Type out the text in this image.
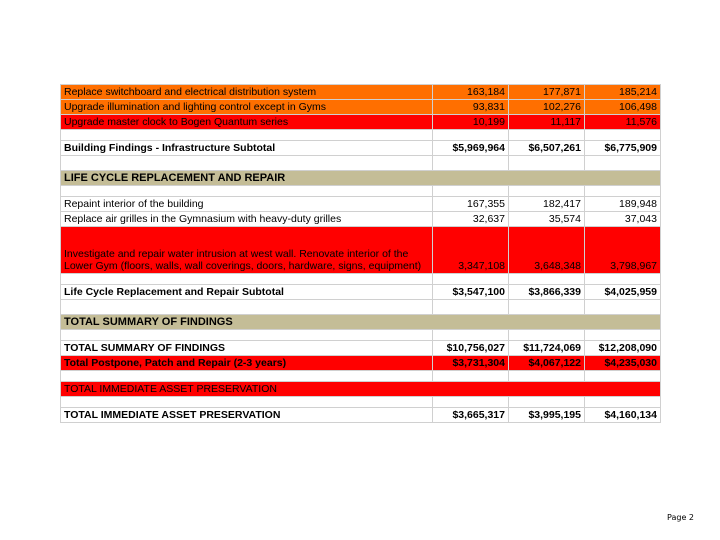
Replace switchboard and electrical distribution system	163,184	177,871	185,214
Upgrade illumination and lighting control except in Gyms	93,831	102,276	106,498
Upgrade master clock to Bogen Quantum series	10,199	11,117	11,576

Building Findings - Infrastructure Subtotal	$5,969,964	$6,507,261	$6,775,909

LIFE CYCLE REPLACEMENT AND REPAIR			

Repaint interior of the building	167,355	182,417	189,948
Replace air grilles in the Gymnasium with heavy-duty grilles	32,637	35,574	37,043
Investigate and repair water intrusion at west wall. Renovate interior of the Lower Gym (floors, walls, wall coverings, doors, hardware, signs, equipment)	3,347,108	3,648,348	3,798,967

Life Cycle Replacement and Repair Subtotal	$3,547,100	$3,866,339	$4,025,959

TOTAL SUMMARY OF FINDINGS			

TOTAL SUMMARY OF FINDINGS	$10,756,027	$11,724,069	$12,208,090
Total Postpone, Patch and Repair (2-3 years)	$3,731,304	$4,067,122	$4,235,030

TOTAL IMMEDIATE ASSET PRESERVATION			

TOTAL IMMEDIATE ASSET PRESERVATION	$3,665,317	$3,995,195	$4,160,134
Page 2
